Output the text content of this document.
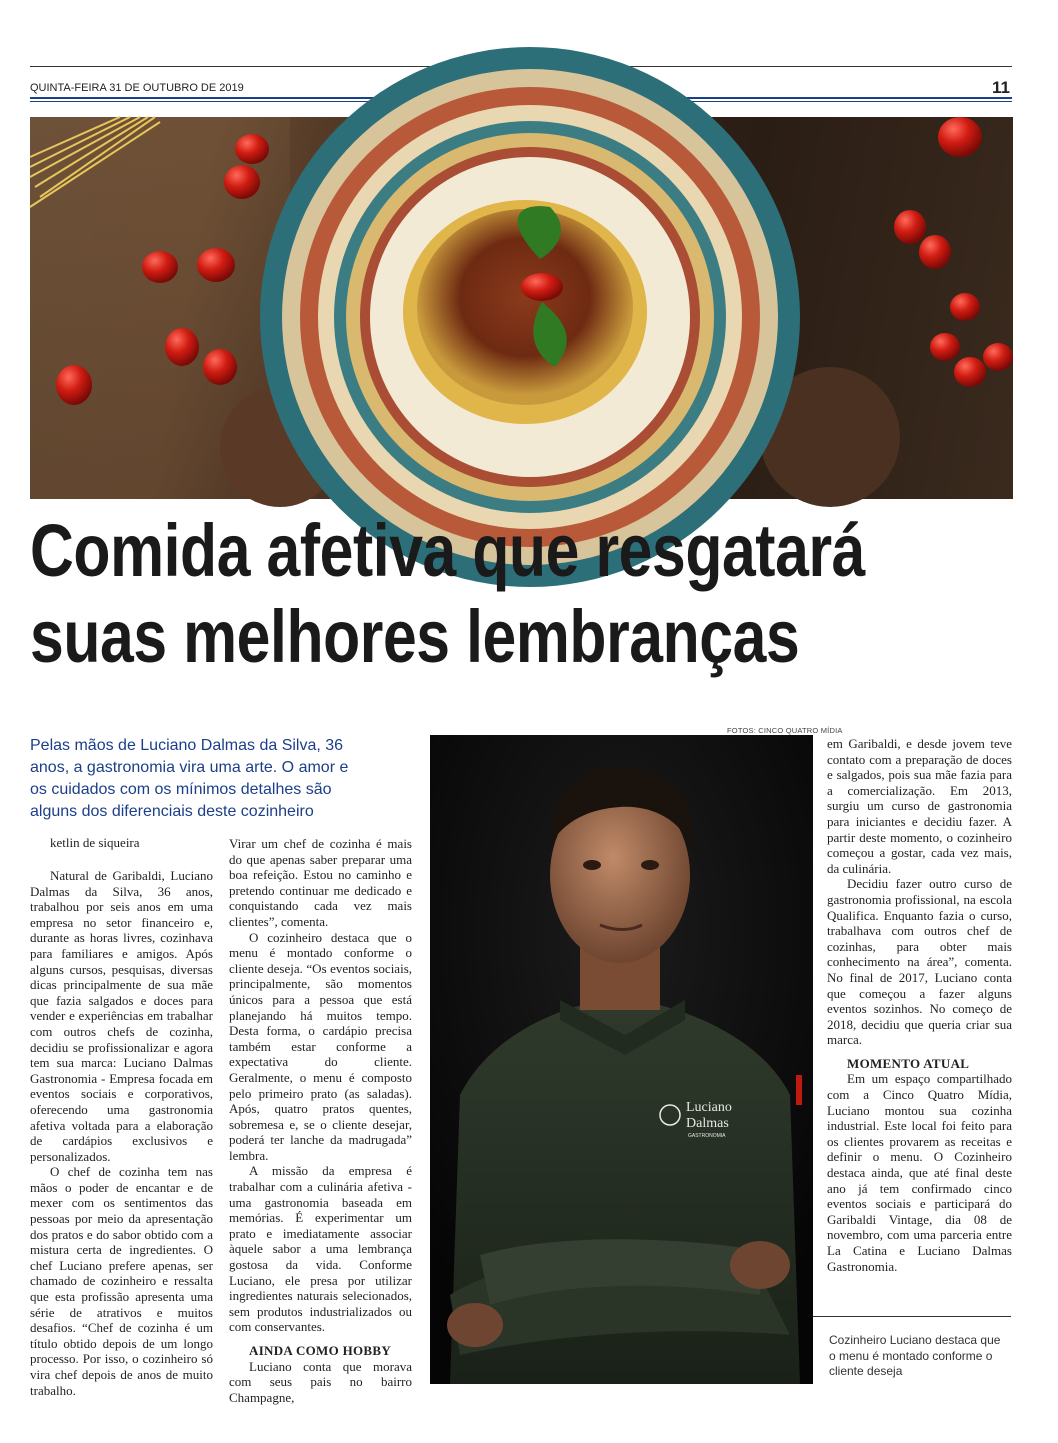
QUINTA-FEIRA 31 DE OUTUBRO DE 2019	11
Massa bolonhesa, feita com ingre-dientes naturais selecionados, sem nenhum produto industrializado
Comida afetiva que resgatará
suas melhores lembranças
FOTOS: CINCO QUATRO MÍDIA
Pelas mãos de Luciano Dalmas da Silva, 36 anos, a gastronomia vira uma arte. O amor e os cuidados com os mínimos detalhes são alguns dos diferenciais deste cozinheiro
ketlin de siqueira

Natural de Garibaldi, Luciano Dalmas da Silva, 36 anos, trabalhou por seis anos em uma empresa no setor financeiro e, durante as horas livres, cozinhava para familiares e amigos. Após alguns cursos, pesquisas, diversas dicas principalmente de sua mãe que fazia salgados e doces para vender e experiências em trabalhar com outros chefs de cozinha, decidiu se profissionalizar e agora tem sua marca: Luciano Dalmas Gastronomia - Empresa focada em eventos sociais e corporativos, oferecendo uma gastronomia afetiva voltada para a elaboração de cardápios exclusivos e personalizados.

O chef de cozinha tem nas mãos o poder de encantar e de mexer com os sentimentos das pessoas por meio da apresentação dos pratos e do sabor obtido com a mistura certa de ingredientes. O chef Luciano prefere apenas, ser chamado de cozinheiro e ressalta que esta profissão apresenta uma série de atrativos e muitos desafios. “Chef de cozinha é um título obtido depois de um longo processo. Por isso, o cozinheiro só vira chef depois de anos de muito trabalho.

Virar um chef de cozinha é mais do que apenas saber preparar uma boa refeição. Estou no caminho e pretendo continuar me dedicado e conquistando cada vez mais clientes”, comenta.

O cozinheiro destaca que o menu é montado conforme o cliente deseja. “Os eventos sociais, principalmente, são momentos únicos para a pessoa que está planejando há muitos tempo. Desta forma, o cardápio precisa também estar conforme a expectativa do cliente. Geralmente, o menu é composto pelo primeiro prato (as saladas). Após, quatro pratos quentes, sobremesa e, se o cliente desejar, poderá ter lanche da madrugada” lembra.

A missão da empresa é trabalhar com a culinária afetiva -uma gastronomia baseada em memórias. É experimentar um prato e imediatamente associar àquele sabor a uma lembrança gostosa da vida. Conforme Luciano, ele presa por utilizar ingredientes naturais selecionados, sem produtos industrializados ou com conservantes.

AINDA COMO HOBBY

Luciano conta que morava com seus pais no bairro Champagne,

Luciano
Dalmas
GASTRONOMIA

em Garibaldi, e desde jovem teve contato com a preparação de doces e salgados, pois sua mãe fazia para a comercialização. Em 2013, surgiu um curso de gastronomia para iniciantes e decidiu fazer. A partir deste momento, o cozinheiro começou a gostar, cada vez mais, da culinária.

Decidiu fazer outro curso de gastronomia profissional, na escola Qualifica. Enquanto fazia o curso, trabalhava com outros chef de cozinhas, para obter mais conhecimento na área”, comenta. No final de 2017, Luciano conta que começou a fazer alguns eventos sozinhos. No começo de 2018, decidiu que queria criar sua marca.

MOMENTO ATUAL

Em um espaço compartilhado com a Cinco Quatro Mídia, Luciano montou sua cozinha industrial. Este local foi feito para os clientes provarem as receitas e definir o menu. O Cozinheiro destaca ainda, que até final deste ano já tem confirmado cinco eventos sociais e participará do Garibaldi Vintage, dia 08 de novembro, com uma parceria entre La Catina e Luciano Dalmas Gastronomia.

Cozinheiro Luciano destaca que o menu é montado conforme o cliente deseja
